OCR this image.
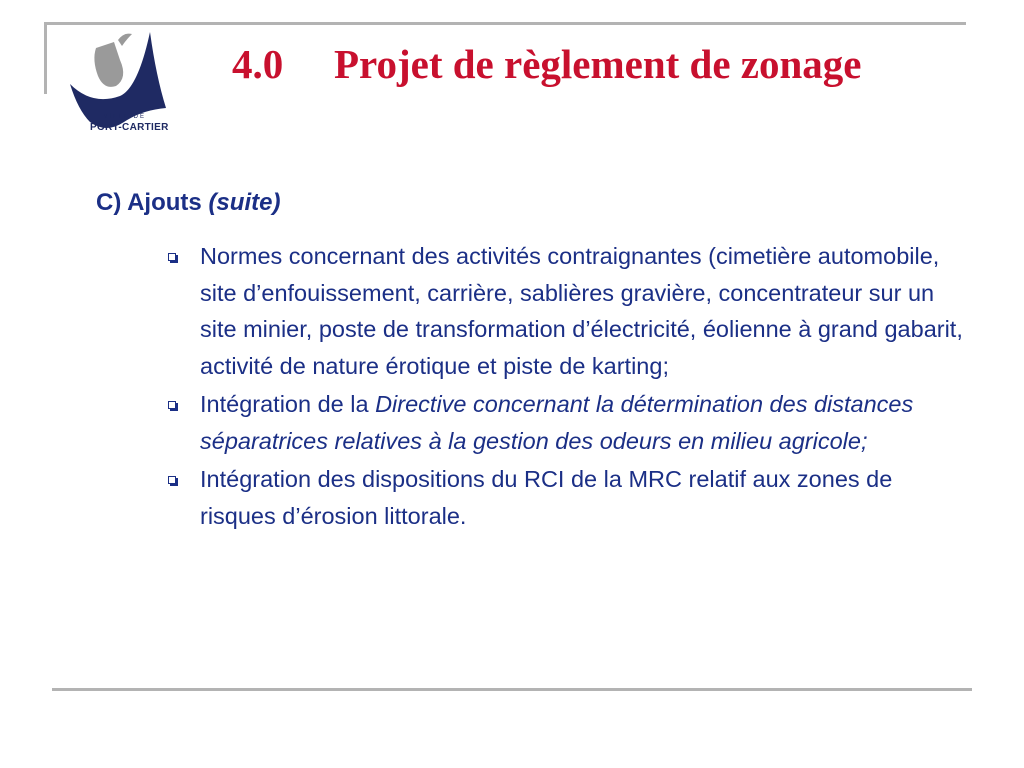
VILLE DE
PORT-CARTIER
4.0 Projet de règlement de zonage
C) Ajouts (suite)
Normes concernant des activités contraignantes (cimetière automobile, site d’enfouissement, carrière, sablières gravière, concentrateur sur un site minier, poste de transformation d’électricité, éolienne à grand gabarit, activité de nature érotique et piste de karting;
Intégration de la Directive concernant la détermination des distances séparatrices relatives à la gestion des odeurs en milieu agricole;
Intégration des dispositions du RCI de la MRC relatif aux zones de risques d’érosion littorale.
